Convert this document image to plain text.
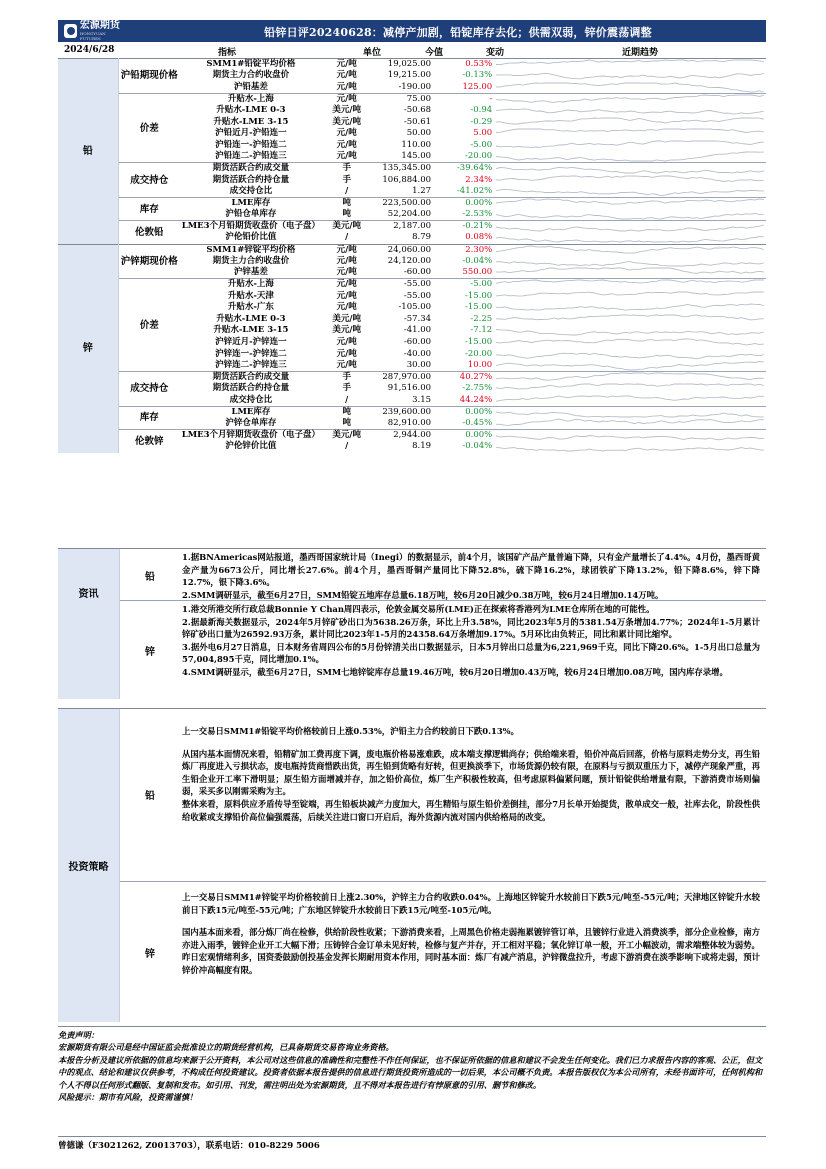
宏源期货
HONGYUAN FUTURES	铅锌日评20240628：减停产加剧，铅锭库存去化；供需双弱，锌价震荡调整
2024/6/28	指标	单位	今值	变动	近期趋势
铅	沪铅期现价格	SMM1#铅锭平均价格	元/吨	19,025.00	0.53%	

		期货主力合约收盘价	元/吨	19,215.00	-0.13%	

		沪铅基差	元/吨	-190.00	125.00	

	价差	升贴水-上海	元/吨	75.00	-	

		升贴水-LME 0-3	美元/吨	-50.68	-0.94	

		升贴水-LME 3-15	美元/吨	-50.61	-0.29	

		沪铅近月-沪铅连一	元/吨	50.00	5.00	

		沪铅连一-沪铅连二	元/吨	110.00	-5.00	

		沪铅连二-沪铅连三	元/吨	145.00	-20.00	

	成交持仓	期货活跃合约成交量	手	135,345.00	-39.64%	

		期货活跃合约持仓量	手	106,884.00	2.34%	

		成交持仓比	/	1.27	-41.02%	

	库存	LME库存	吨	223,500.00	0.00%	

		沪铅仓单库存	吨	52,204.00	-2.53%	

	伦敦铅	LME3个月铅期货收盘价（电子盘）	美元/吨	2,187.00	-0.21%	

		沪伦铅价比值	/	8.79	0.08%	

锌	沪锌期现价格	SMM1#锌锭平均价格	元/吨	24,060.00	2.30%	

		期货主力合约收盘价	元/吨	24,120.00	-0.04%	

		沪锌基差	元/吨	-60.00	550.00	

	价差	升贴水-上海	元/吨	-55.00	-5.00	

		升贴水-天津	元/吨	-55.00	-15.00	

		升贴水-广东	元/吨	-105.00	-15.00	

		升贴水-LME 0-3	美元/吨	-57.34	-2.25	

		升贴水-LME 3-15	美元/吨	-41.00	-7.12	

		沪锌近月-沪锌连一	元/吨	-60.00	-15.00	

		沪锌连一-沪锌连二	元/吨	-40.00	-20.00	

		沪锌连二-沪锌连三	元/吨	30.00	10.00	

	成交持仓	期货活跃合约成交量	手	287,970.00	40.27%	

		期货活跃合约持仓量	手	91,516.00	-2.75%	

		成交持仓比	/	3.15	44.24%	

	库存	LME库存	吨	239,600.00	0.00%	

		沪锌仓单库存	吨	82,910.00	-0.45%	

	伦敦锌	LME3个月锌期货收盘价（电子盘）	美元/吨	2,944.00	0.00%	

		沪伦锌价比值	/	8.19	-0.04%	
资讯
铅

1.据BNAmericas网站报道，墨西哥国家统计局（Inegi）的数据显示，前4个月，该国矿产品产量普遍下降，只有金产量增长了4.4%。4月份，墨西哥黄金产量为6673公斤，同比增长27.6%。前4个月，墨西哥铜产量同比下降52.8%，硫下降16.2%，球团铁矿下降13.2%，铅下降8.6%，锌下降12.7%，银下降3.6%。

2.SMM调研显示，截至6月27日，SMM铅锭五地库存总量6.18万吨，较6月20日减少0.38万吨，较6月24日增加0.14万吨。

锌

1.港交所港交所行政总裁Bonnie Y Chan周四表示，伦敦金属交易所(LME)正在探索将香港列为LME仓库所在地的可能性。

2.据最新海关数据显示，2024年5月锌矿砂出口为5638.26万条，环比上升3.58%，同比2023年5月的5381.54万条增加4.77%；2024年1-5月累计锌矿砂出口量为26592.93万条，累计同比2023年1-5月的24358.64万条增加9.17%。5月环比由负转正，同比和累计同比缩窄。

3.据外电6月27日消息，日本财务省周四公布的5月份锌清关出口数据显示，日本5月锌出口总量为6,221,969千克，同比下降20.6%。1-5月出口总量为57,004,895千克，同比增加0.1%。

4.SMM调研显示，截至6月27日，SMM七地锌锭库存总量19.46万吨，较6月20日增加0.43万吨，较6月24日增加0.08万吨，国内库存录增。

投资策略
铅

上一交易日SMM1#铅锭平均价格较前日上涨0.53%，沪铅主力合约较前日下跌0.13%。

从国内基本面情况来看，铅精矿加工费再度下调，废电瓶价格易涨难跌，成本端支撑逻辑尚存；供给端来看，铅价冲高后回落，价格与原料走势分支，再生铅炼厂再度进入亏损状态，废电瓶持货商惜跌出货，再生铅到货略有好转，但更换淡季下，市场货源仍较有限，在原料与亏损双重压力下，减停产现象严重，再生铅企业开工率下滑明显；原生铅方面增减并存，加之铅价高位，炼厂生产积极性较高，但考虑原料偏紧问题，预计铅锭供给增量有限，下游消费市场则偏弱，采买多以刚需采购为主。

整体来看，原料供应矛盾传导至锭端，再生铅板块减产力度加大，再生精铅与原生铅价差倒挂，部分7月长单开始提货，散单成交一般，社库去化，阶段性供给收紧或支撑铅价高位偏强震荡，后续关注进口窗口开启后，海外货源内流对国内供给格局的改变。

锌

上一交易日SMM1#锌锭平均价格较前日上涨2.30%，沪锌主力合约收跌0.04%。上海地区锌锭升水较前日下跌5元/吨至-55元/吨；天津地区锌锭升水较前日下跌15元/吨至-55元/吨；广东地区锌锭升水较前日下跌15元/吨至-105元/吨。

国内基本面来看，部分炼厂尚在检修，供给阶段性收紧；下游消费来看，上周黑色价格走弱拖累镀锌管订单，且镀锌行业进入消费淡季，部分企业检修，南方亦进入雨季，镀锌企业开工大幅下滑；压铸锌合金订单未见好转，检修与复产并存，开工相对平稳；氧化锌订单一般，开工小幅波动，需求端整体较为弱势。

昨日宏观情绪利多，国资委鼓励创投基金发挥长期耐用资本作用，同时基本面：炼厂有减产消息，沪锌微盘拉升，考虑下游消费在淡季影响下或将走弱，预计锌价冲高幅度有限。

免责声明：

宏源期货有限公司是经中国证监会批准设立的期货经营机构，已具备期货交易咨询业务资格。

本报告分析及建议所依据的信息均来源于公开资料，本公司对这些信息的准确性和完整性不作任何保证，也不保证所依据的信息和建议不会发生任何变化。我们已力求报告内容的客观、公正，但文中的观点、结论和建议仅供参考，不构成任何投资建议。投资者依据本报告提供的信息进行期货投资所造成的一切后果，本公司概不负责。本报告版权仅为本公司所有，未经书面许可，任何机构和个人不得以任何形式翻版、复制和发布。如引用、刊发，需注明出处为宏源期货，且不得对本报告进行有悖原意的引用、删节和修改。

风险提示：期市有风险，投资需谨慎！

曾德谦（F3021262, Z0013703），联系电话：010-8229 5006
